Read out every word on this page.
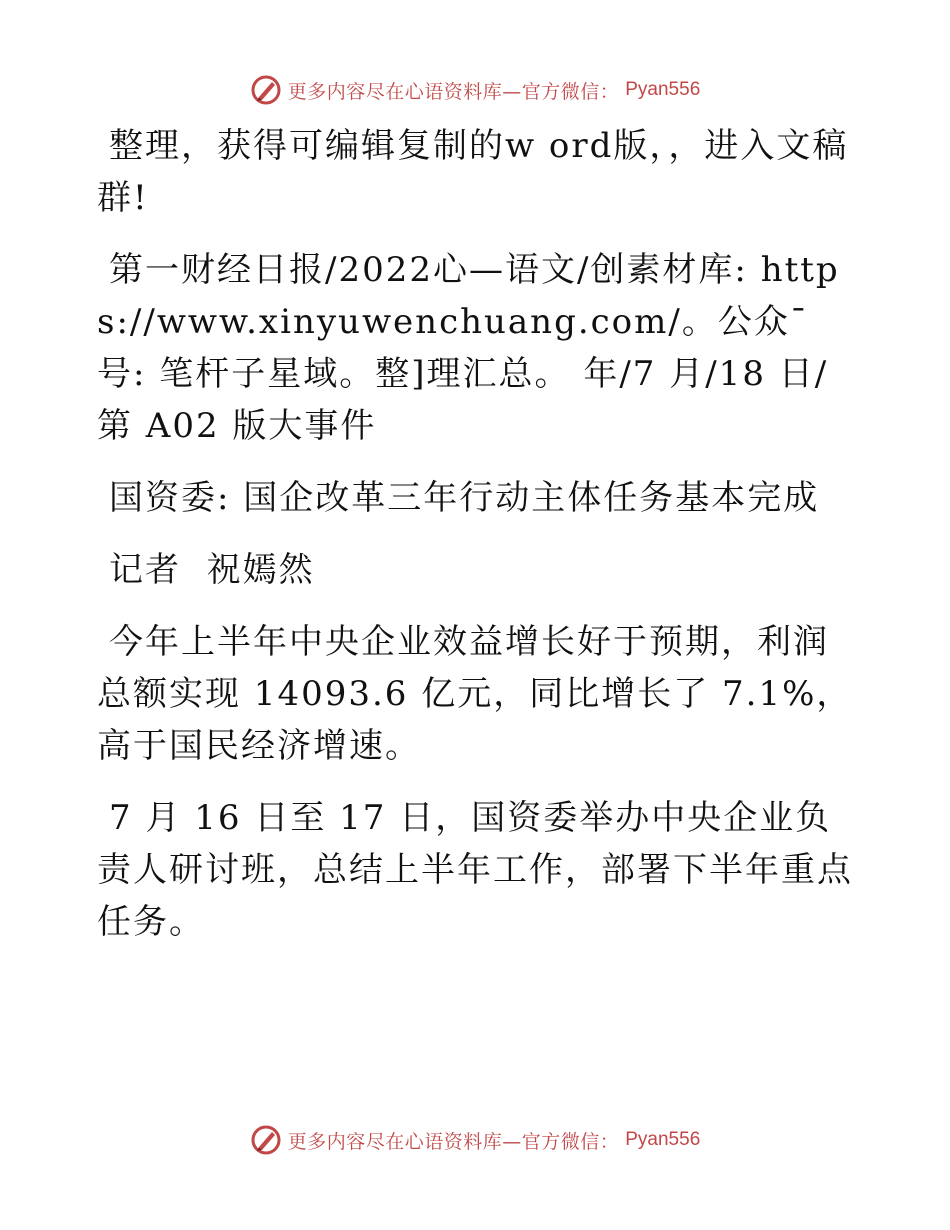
更多内容尽在心语资料库—官方微信： Pyan556

整理，获得可编辑复制的w ord版，，进入文稿群!

第一财经日报/2022心—语文/创素材库: https://www.xinyuwenchuang.com/。公众¯号: 笔杆子星域。整]理汇总。 年/7 月/18 日/第 A02 版大事件

国资委: 国企改革三年行动主体任务基本完成

记者  祝嫣然

今年上半年中央企业效益增长好于预期，利润总额实现 14093.6 亿元，同比增长了 7.1%，高于国民经济增速。

7 月 16 日至 17 日，国资委举办中央企业负责人研讨班，总结上半年工作，部署下半年重点任务。

更多内容尽在心语资料库—官方微信： Pyan556
